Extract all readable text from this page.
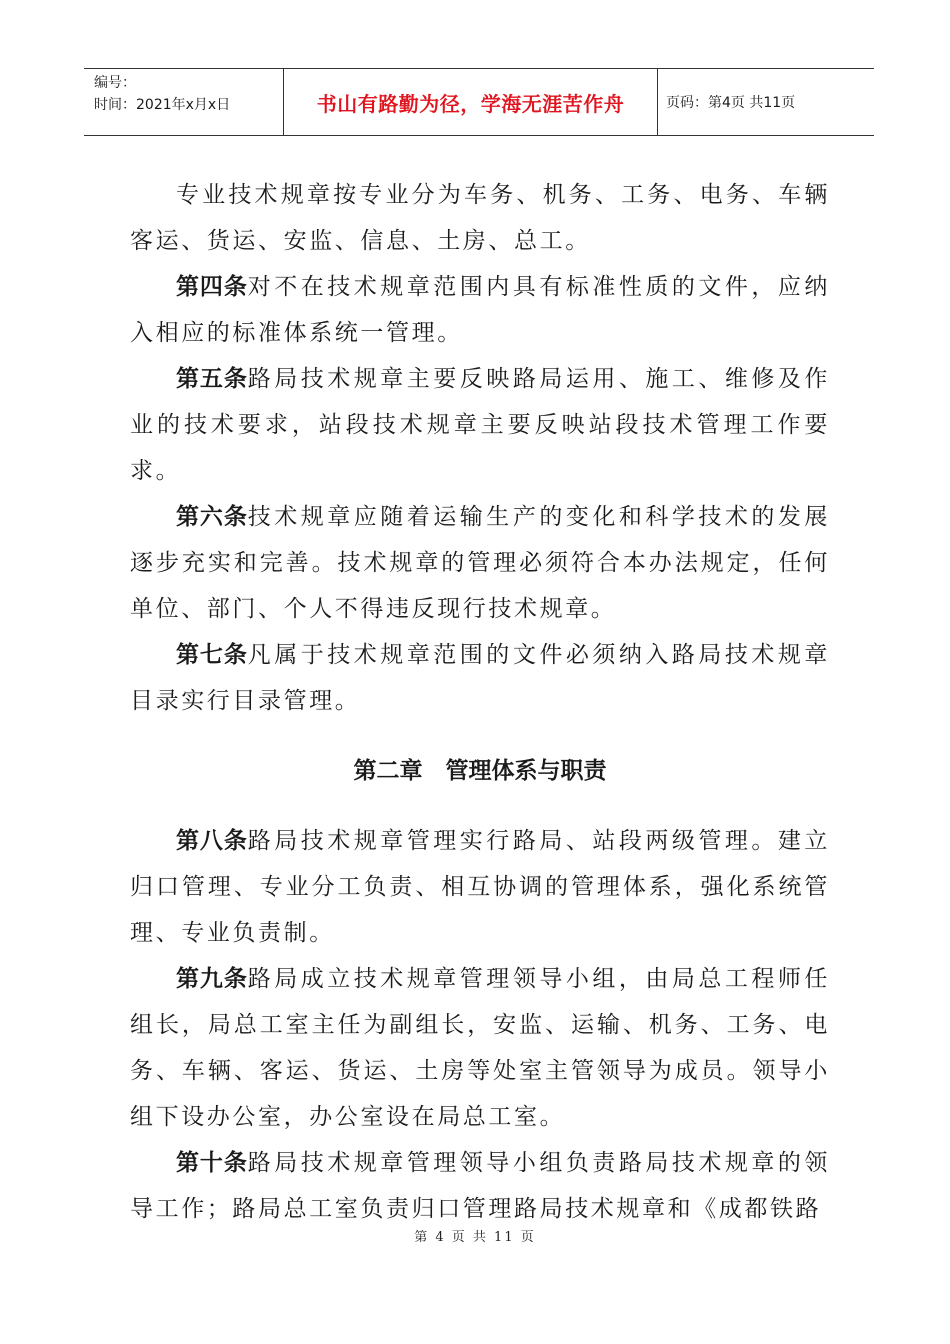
编号：
时间：2021年x月x日	书山有路勤为径，学海无涯苦作舟	页码：第4页 共11页

专业技术规章按专业分为车务、机务、工务、电务、车辆客运、货运、安监、信息、土房、总工。

第四条对不在技术规章范围内具有标准性质的文件，应纳入相应的标准体系统一管理。

第五条路局技术规章主要反映路局运用、施工、维修及作业的技术要求，站段技术规章主要反映站段技术管理工作要求。

第六条技术规章应随着运输生产的变化和科学技术的发展逐步充实和完善。技术规章的管理必须符合本办法规定，任何单位、部门、个人不得违反现行技术规章。

第七条凡属于技术规章范围的文件必须纳入路局技术规章目录实行目录管理。

第二章　管理体系与职责

第八条路局技术规章管理实行路局、站段两级管理。建立归口管理、专业分工负责、相互协调的管理体系，强化系统管理、专业负责制。

第九条路局成立技术规章管理领导小组，由局总工程师任组长，局总工室主任为副组长，安监、运输、机务、工务、电务、车辆、客运、货运、土房等处室主管领导为成员。领导小组下设办公室，办公室设在局总工室。

第十条路局技术规章管理领导小组负责路局技术规章的领导工作；路局总工室负责归口管理路局技术规章和《成都铁路

第 4 页 共 11 页
